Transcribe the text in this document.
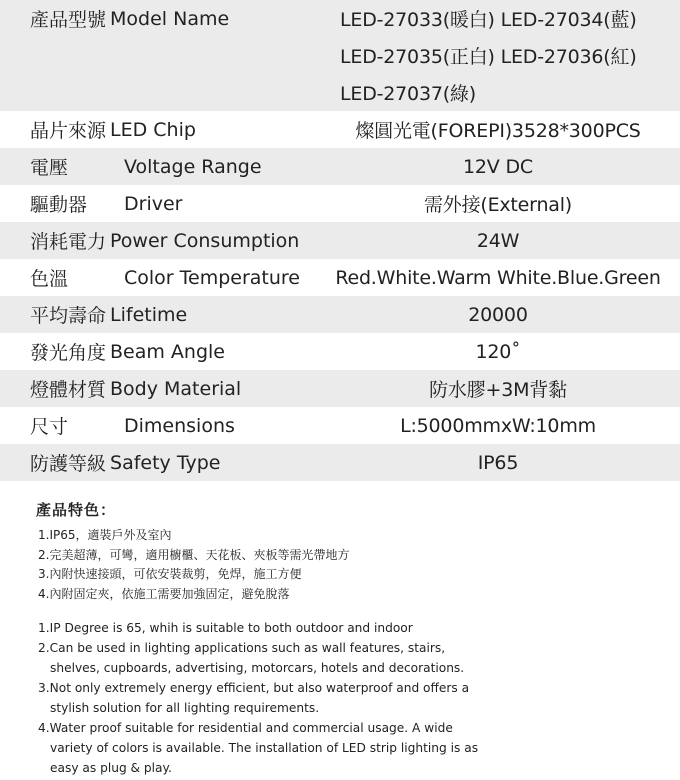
產品型號 Model Name	LED-27033(暖白) LED-27034(藍)
LED-27035(正白) LED-27036(紅)
LED-27037(綠)
晶片來源 LED Chip	燦圓光電(FOREPI)3528*300PCS
電壓	Voltage Range	12V DC
驅動器	Driver	需外接(External)
消耗電力 Power Consumption	24W
色溫	Color Temperature	Red.White.Warm White.Blue.Green
平均壽命 Lifetime	20000
發光角度 Beam Angle	120˚
燈體材質 Body Material	防水膠+3M背黏
尺寸	Dimensions	L:5000mmxW:10mm
防護等級 Safety Type	IP65
產品特色：
1.IP65，適裝戶外及室內
2.完美超薄，可彎，適用櫥櫃、天花板、夾板等需光帶地方
3.內附快速接頭，可依安裝裁剪，免焊，施工方便
4.內附固定夾，依施工需要加強固定，避免脫落
1.IP Degree is 65, whih is suitable to both outdoor and indoor
2.Can be used in lighting applications such as wall features, stairs,
shelves, cupboards, advertising, motorcars, hotels and decorations.
3.Not only extremely energy efficient, but also waterproof and offers a
stylish solution for all lighting requirements.
4.Water proof suitable for residential and commercial usage. A wide
variety of colors is available. The installation of LED strip lighting is as
easy as plug & play.
